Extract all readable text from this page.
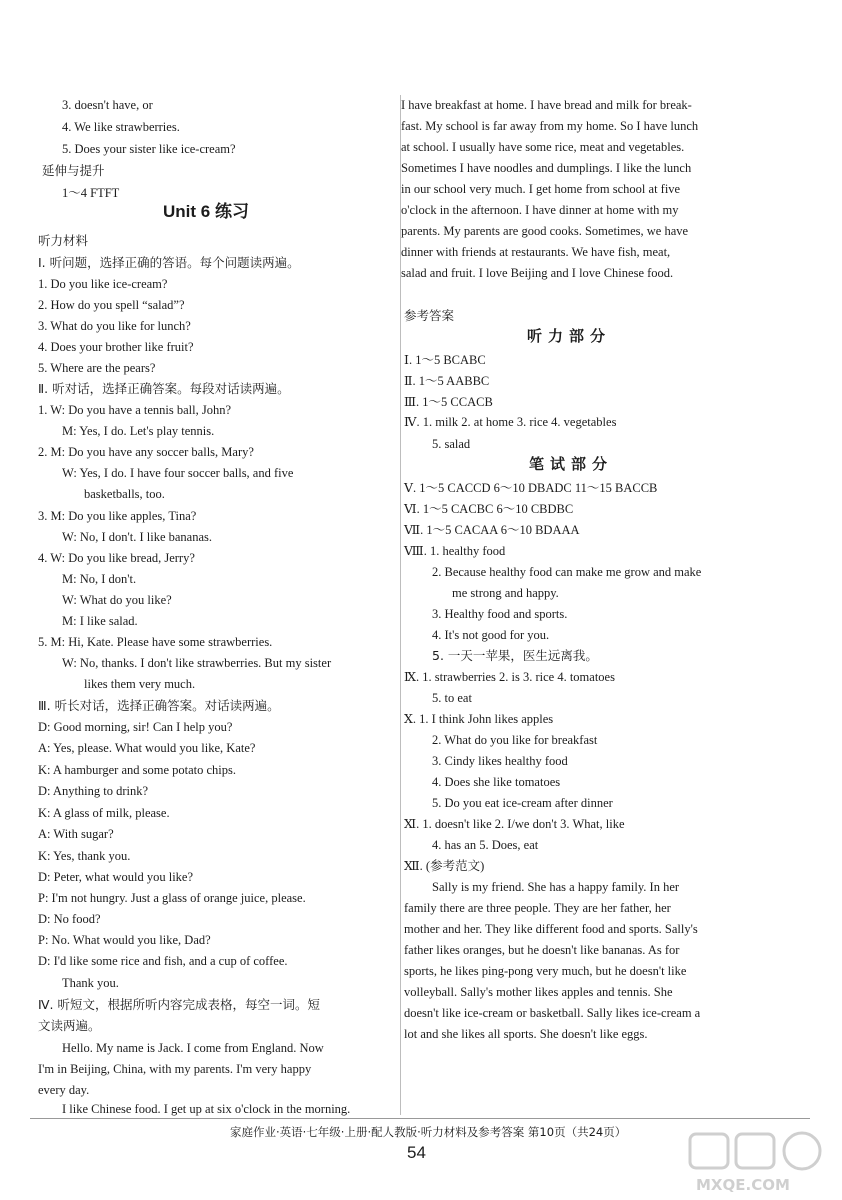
3. doesn't have, or
4. We like strawberries.
5. Does your sister like ice-cream?
延伸与提升
1～4 FTFT
Unit 6 练习
听力材料
Ⅰ. 听问题，选择正确的答语。每个问题读两遍。
1. Do you like ice-cream?
2. How do you spell “salad”?
3. What do you like for lunch?
4. Does your brother like fruit?
5. Where are the pears?
Ⅱ. 听对话，选择正确答案。每段对话读两遍。
1. W: Do you have a tennis ball, John?
M: Yes, I do. Let's play tennis.
2. M: Do you have any soccer balls, Mary?
W: Yes, I do. I have four soccer balls, and five
basketballs, too.
3. M: Do you like apples, Tina?
W: No, I don't. I like bananas.
4. W: Do you like bread, Jerry?
M: No, I don't.
W: What do you like?
M: I like salad.
5. M: Hi, Kate. Please have some strawberries.
W: No, thanks. I don't like strawberries. But my sister
likes them very much.
Ⅲ. 听长对话，选择正确答案。对话读两遍。
D: Good morning, sir! Can I help you?
A: Yes, please. What would you like, Kate?
K: A hamburger and some potato chips.
D: Anything to drink?
K: A glass of milk, please.
A: With sugar?
K: Yes, thank you.
D: Peter, what would you like?
P: I'm not hungry. Just a glass of orange juice, please.
D: No food?
P: No. What would you like, Dad?
D: I'd like some rice and fish, and a cup of coffee.
Thank you.
Ⅳ. 听短文，根据所听内容完成表格，每空一词。短
文读两遍。
Hello. My name is Jack. I come from England. Now
I'm in Beijing, China, with my parents. I'm very happy
every day.
I like Chinese food. I get up at six o'clock in the morning.
I have breakfast at home. I have bread and milk for break-
fast. My school is far away from my home. So I have lunch
at school. I usually have some rice, meat and vegetables.
Sometimes I have noodles and dumplings. I like the lunch
in our school very much. I get home from school at five
o'clock in the afternoon. I have dinner at home with my
parents. My parents are good cooks. Sometimes, we have
dinner with friends at restaurants. We have fish, meat,
salad and fruit. I love Beijing and I love Chinese food.
参考答案
听力部分
Ⅰ. 1～5 BCABC
Ⅱ. 1～5 AABBC
Ⅲ. 1～5 CCACB
Ⅳ. 1. milk 2. at home 3. rice 4. vegetables
5. salad
笔试部分
Ⅴ. 1～5 CACCD 6～10 DBADC 11～15 BACCB
Ⅵ. 1～5 CACBC 6～10 CBDBC
Ⅶ. 1～5 CACAA 6～10 BDAAA
Ⅷ. 1. healthy food
2. Because healthy food can make me grow and make
me strong and happy.
3. Healthy food and sports.
4. It's not good for you.
5. 一天一苹果，医生远离我。
Ⅸ. 1. strawberries 2. is 3. rice 4. tomatoes
5. to eat
Ⅹ. 1. I think John likes apples
2. What do you like for breakfast
3. Cindy likes healthy food
4. Does she like tomatoes
5. Do you eat ice-cream after dinner
Ⅺ. 1. doesn't like 2. I/we don't 3. What, like
4. has an 5. Does, eat
Ⅻ. (参考范文)
Sally is my friend. She has a happy family. In her
family there are three people. They are her father, her
mother and her. They like different food and sports. Sally's
father likes oranges, but he doesn't like bananas. As for
sports, he likes ping-pong very much, but he doesn't like
volleyball. Sally's mother likes apples and tennis. She
doesn't like ice-cream or basketball. Sally likes ice-cream a
lot and she likes all sports. She doesn't like eggs.
家庭作业·英语·七年级·上册·配人教版·听力材料及参考答案 第10页（共24页）
54
MXQE.COM
